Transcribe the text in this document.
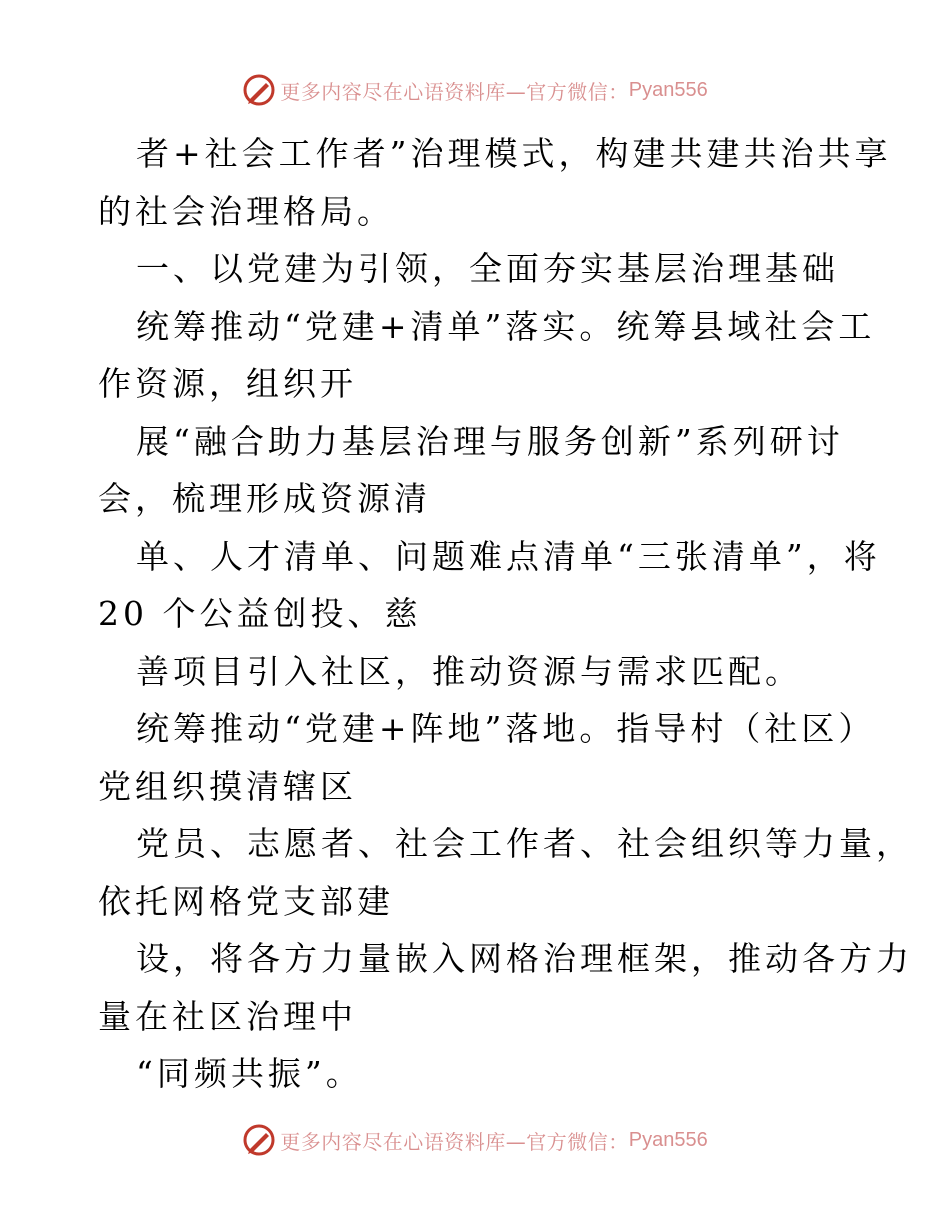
更多内容尽在心语资料库—官方微信： Pyan556
者+社会工作者”治理模式，构建共建共治共享
的社会治理格局。
一、以党建为引领，全面夯实基层治理基础
统筹推动“党建+清单”落实。统筹县域社会工
作资源，组织开
展“融合助力基层治理与服务创新”系列研讨
会，梳理形成资源清
单、人才清单、问题难点清单“三张清单”，将
20 个公益创投、慈
善项目引入社区，推动资源与需求匹配。
统筹推动“党建+阵地”落地。指导村（社区）
党组织摸清辖区
党员、志愿者、社会工作者、社会组织等力量，
依托网格党支部建
设，将各方力量嵌入网格治理框架，推动各方力
量在社区治理中
“同频共振”。
更多内容尽在心语资料库—官方微信： Pyan556
